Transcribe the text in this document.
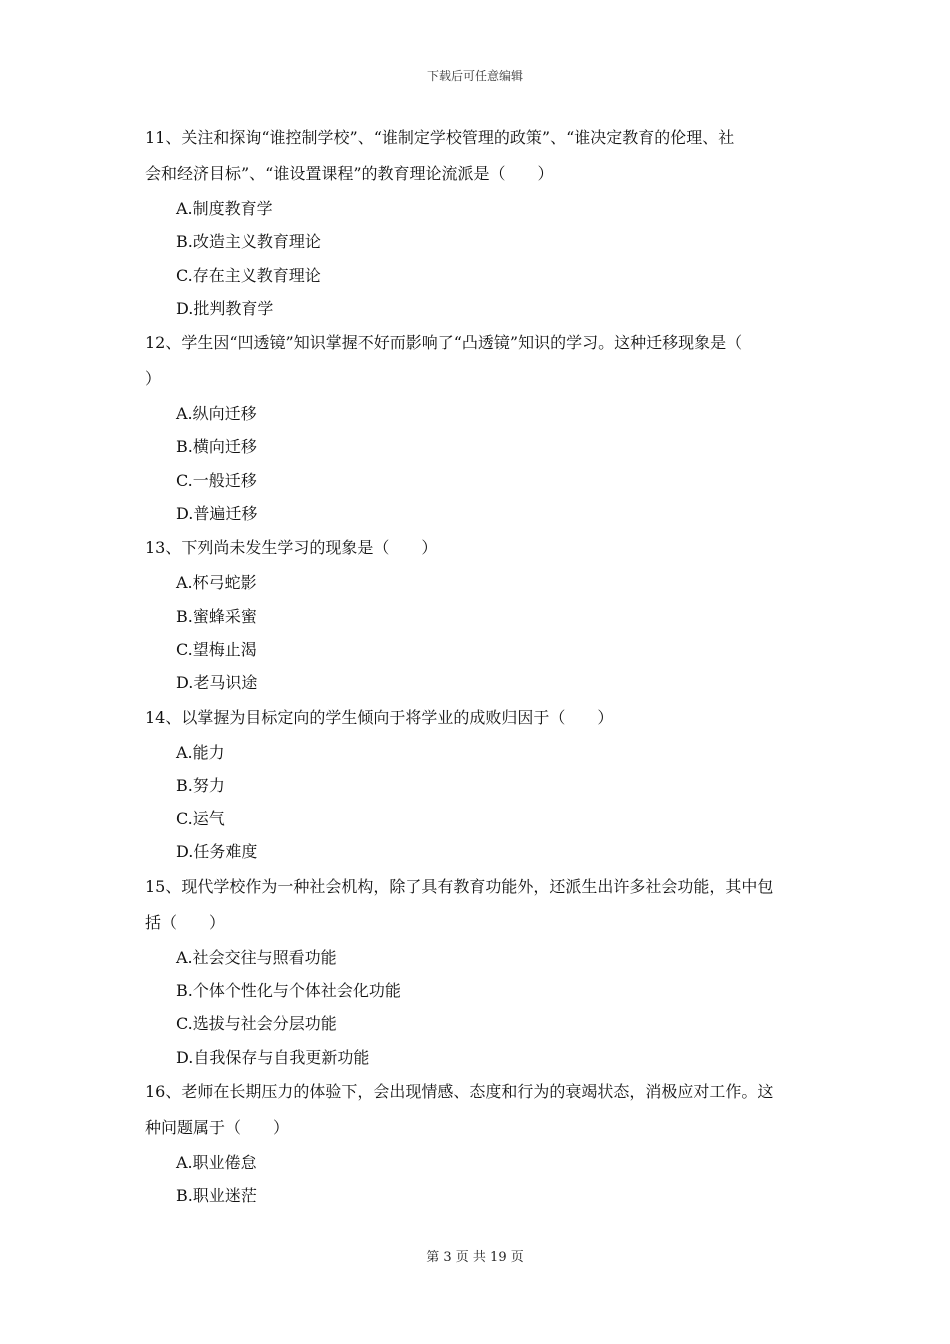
下载后可任意编辑
11、关注和探询“谁控制学校”、“谁制定学校管理的政策”、“谁决定教育的伦理、社
会和经济目标”、“谁设置课程”的教育理论流派是（　　）
A.制度教育学
B.改造主义教育理论
C.存在主义教育理论
D.批判教育学
12、学生因“凹透镜”知识掌握不好而影响了“凸透镜”知识的学习。这种迁移现象是（
）
A.纵向迁移
B.横向迁移
C.一般迁移
D.普遍迁移
13、下列尚未发生学习的现象是（　　）
A.杯弓蛇影
B.蜜蜂采蜜
C.望梅止渴
D.老马识途
14、以掌握为目标定向的学生倾向于将学业的成败归因于（　　）
A.能力
B.努力
C.运气
D.任务难度
15、现代学校作为一种社会机构，除了具有教育功能外，还派生出许多社会功能，其中包
括（　　）
A.社会交往与照看功能
B.个体个性化与个体社会化功能
C.选拔与社会分层功能
D.自我保存与自我更新功能
16、老师在长期压力的体验下，会出现情感、态度和行为的衰竭状态，消极应对工作。这
种问题属于（　　）
A.职业倦怠
B.职业迷茫
第 3 页 共 19 页
